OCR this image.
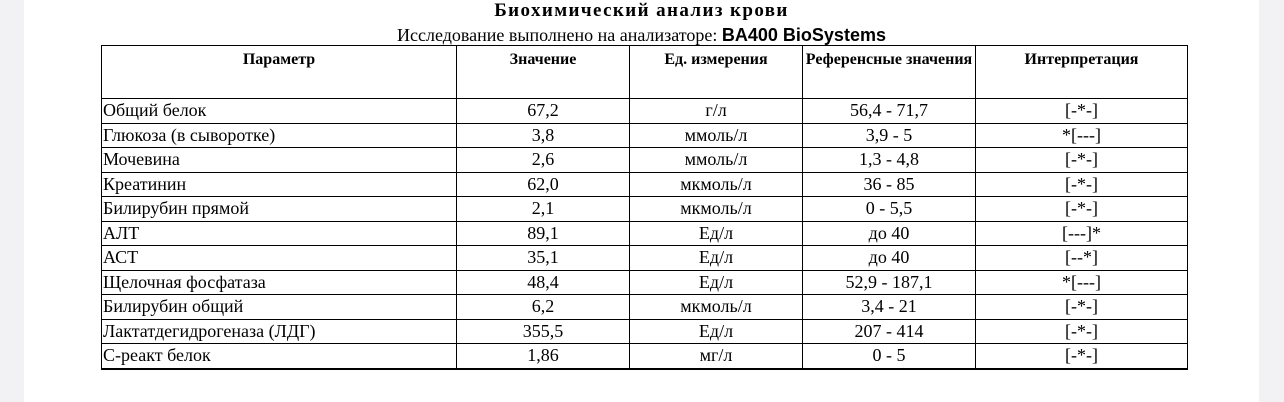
Биохимический анализ крови
Исследование выполнено на анализаторе: BA400 BioSystems
Параметр	Значение	Ед. измерения	Референсные значения	Интерпретация
Общий белок	67,2	г/л	56,4 - 71,7	[-*-]
Глюкоза (в сыворотке)	3,8	ммоль/л	3,9 - 5	*[---]
Мочевина	2,6	ммоль/л	1,3 - 4,8	[-*-]
Креатинин	62,0	мкмоль/л	36 - 85	[-*-]
Билирубин прямой	2,1	мкмоль/л	0 - 5,5	[-*-]
АЛТ	89,1	Ед/л	до 40	[---]*
АСТ	35,1	Ед/л	до 40	[--*]
Щелочная фосфатаза	48,4	Ед/л	52,9 - 187,1	*[---]
Билирубин общий	6,2	мкмоль/л	3,4 - 21	[-*-]
Лактатдегидрогеназа (ЛДГ)	355,5	Ед/л	207 - 414	[-*-]
С-реакт белок	1,86	мг/л	0 - 5	[-*-]
